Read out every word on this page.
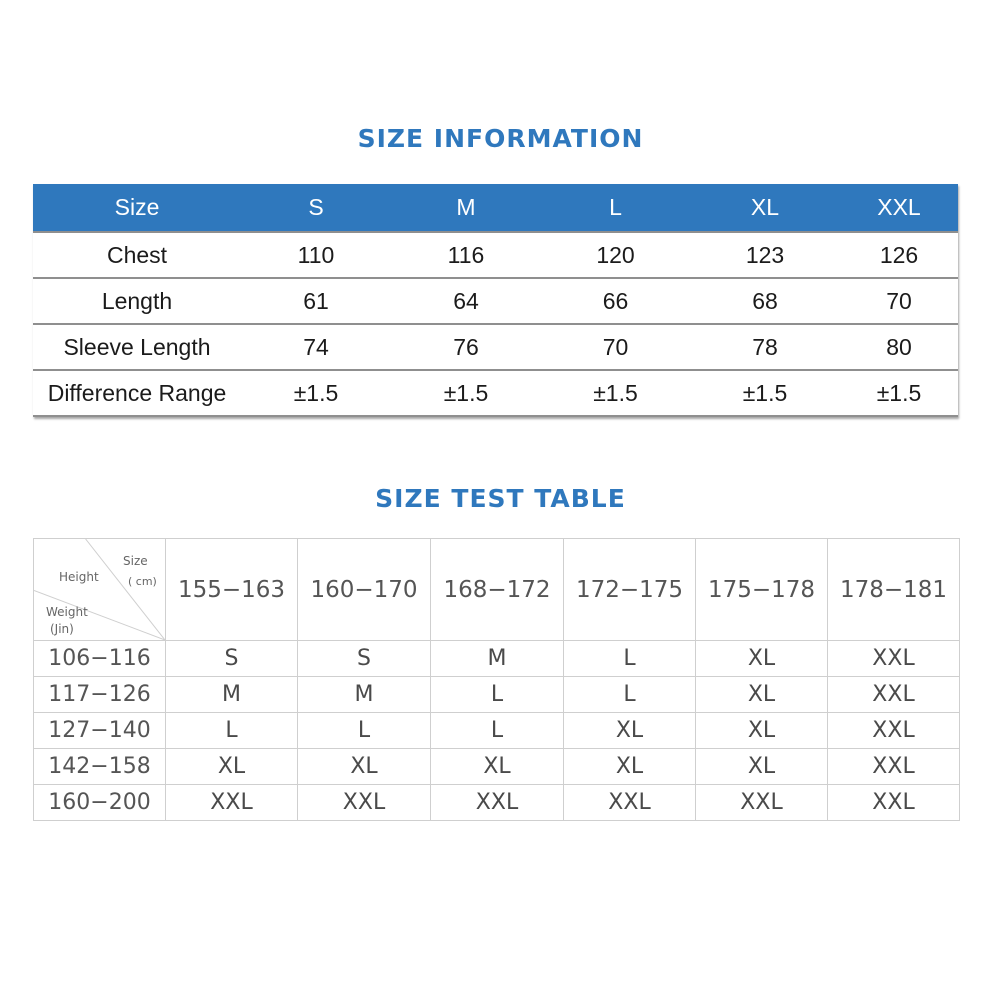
SIZE INFORMATION
Size	S	M	L	XL	XXL
Chest	110	116	120	123	126
Length	61	64	66	68	70
Sleeve Length	74	76	70	78	80
Difference Range	±1.5	±1.5	±1.5	±1.5	±1.5
SIZE TEST TABLE
Size
( cm)
Height
Weight
(Jin)	155−163	160−170	168−172	172−175	175−178	178−181
106−116	S	S	M	L	XL	XXL
117−126	M	M	L	L	XL	XXL
127−140	L	L	L	XL	XL	XXL
142−158	XL	XL	XL	XL	XL	XXL
160−200	XXL	XXL	XXL	XXL	XXL	XXL
